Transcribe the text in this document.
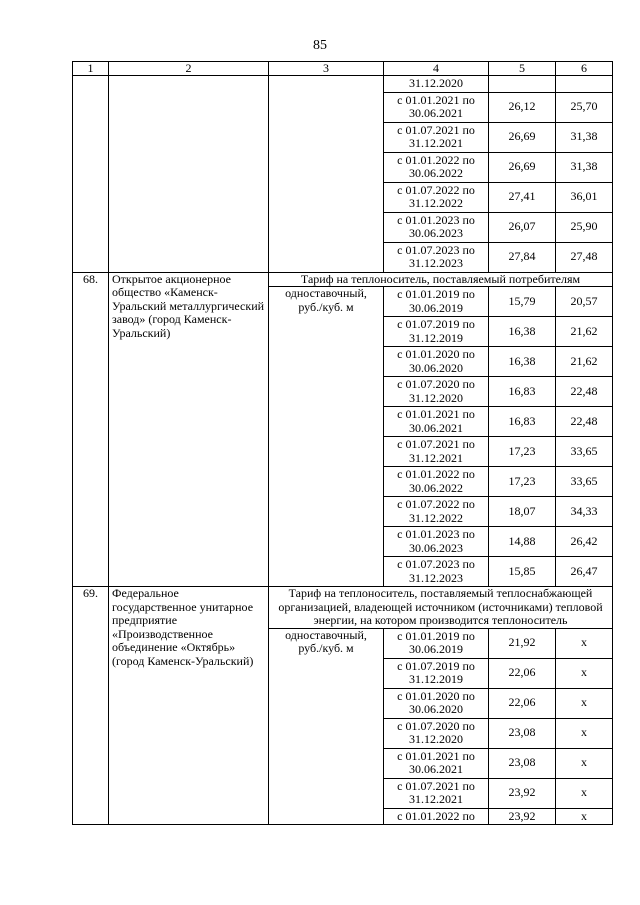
85
1	2	3	4	5	6
			31.12.2020		
			с 01.01.2021 по 30.06.2021	26,12	25,70
			с 01.07.2021 по 31.12.2021	26,69	31,38
			с 01.01.2022 по 30.06.2022	26,69	31,38
			с 01.07.2022 по 31.12.2022	27,41	36,01
			с 01.01.2023 по 30.06.2023	26,07	25,90
			с 01.07.2023 по 31.12.2023	27,84	27,48
68.	Открытое акционерное общество «Каменск-Уральский металлургический завод» (город Каменск-Уральский)	Тариф на теплоноситель, поставляемый потребителям			
		одноставочный, руб./куб. м	с 01.01.2019 по 30.06.2019	15,79	20,57
			с 01.07.2019 по 31.12.2019	16,38	21,62
			с 01.01.2020 по 30.06.2020	16,38	21,62
			с 01.07.2020 по 31.12.2020	16,83	22,48
			с 01.01.2021 по 30.06.2021	16,83	22,48
			с 01.07.2021 по 31.12.2021	17,23	33,65
			с 01.01.2022 по 30.06.2022	17,23	33,65
			с 01.07.2022 по 31.12.2022	18,07	34,33
			с 01.01.2023 по 30.06.2023	14,88	26,42
			с 01.07.2023 по 31.12.2023	15,85	26,47
69.	Федеральное государственное унитарное предприятие «Производственное объединение «Октябрь» (город Каменск-Уральский)	Тариф на теплоноситель, поставляемый теплоснабжающей организацией, владеющей источником (источниками) тепловой энергии, на котором производится теплоноситель			
		одноставочный, руб./куб. м	с 01.01.2019 по 30.06.2019	21,92	х
			с 01.07.2019 по 31.12.2019	22,06	х
			с 01.01.2020 по 30.06.2020	22,06	х
			с 01.07.2020 по 31.12.2020	23,08	х
			с 01.01.2021 по 30.06.2021	23,08	х
			с 01.07.2021 по 31.12.2021	23,92	х
			с 01.01.2022 по	23,92	х
